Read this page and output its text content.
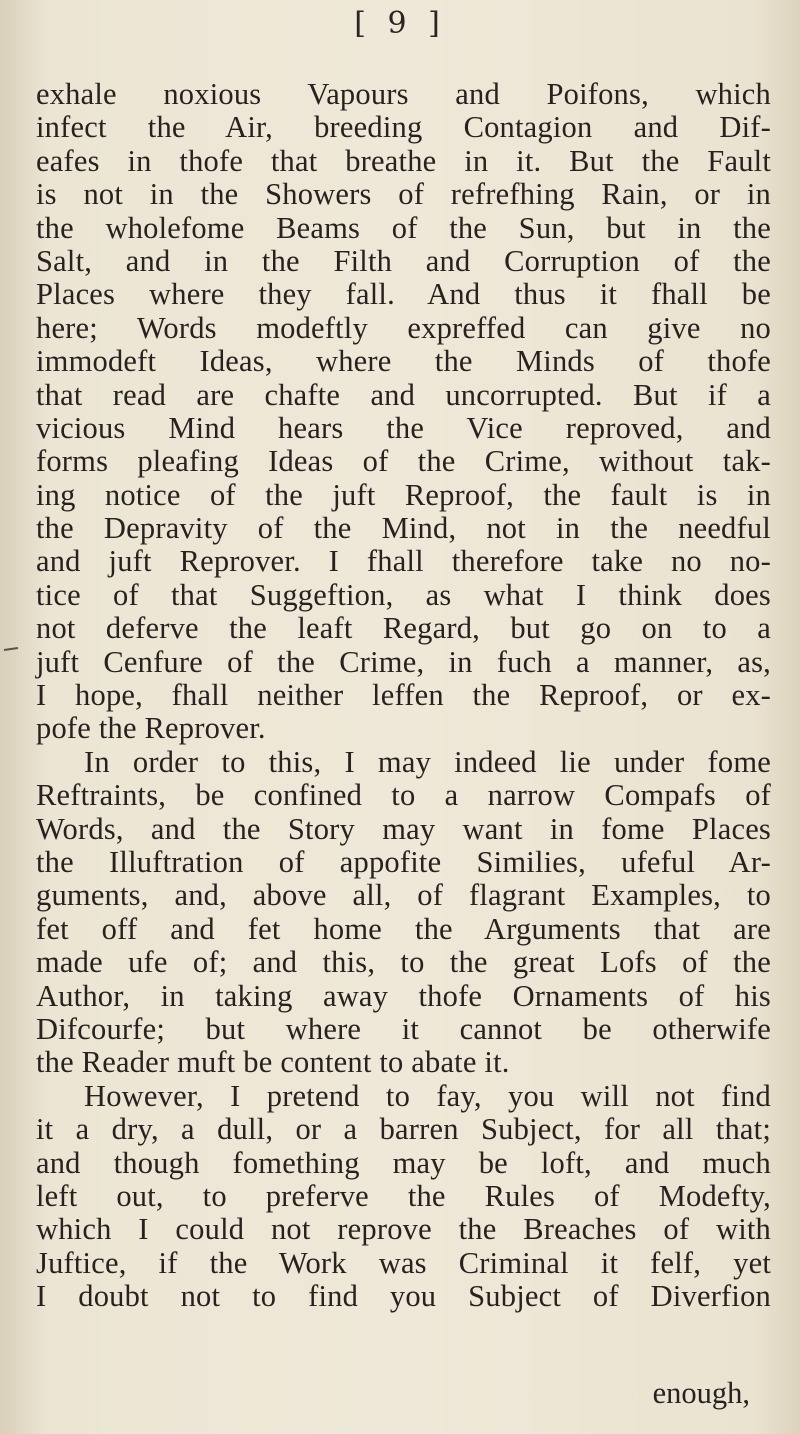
[ 9 ]
exhale noxious Vapours and Poifons, which
infect the Air, breeding Contagion and Dif-
eafes in thofe that breathe in it. But the Fault
is not in the Showers of refrefhing Rain, or in
the wholefome Beams of the Sun, but in the
Salt, and in the Filth and Corruption of the
Places where they fall. And thus it fhall be
here; Words modeftly expreffed can give no
immodeft Ideas, where the Minds of thofe
that read are chafte and uncorrupted. But if a
vicious Mind hears the Vice reproved, and
forms pleafing Ideas of the Crime, without tak-
ing notice of the juft Reproof, the fault is in
the Depravity of the Mind, not in the needful
and juft Reprover. I fhall therefore take no no-
tice of that Suggeftion, as what I think does
not deferve the leaft Regard, but go on to a
juft Cenfure of the Crime, in fuch a manner, as,
I hope, fhall neither leffen the Reproof, or ex-
pofe the Reprover.
In order to this, I may indeed lie under fome
Reftraints, be confined to a narrow Compafs of
Words, and the Story may want in fome Places
the Illuftration of appofite Similies, ufeful Ar-
guments, and, above all, of flagrant Examples, to
fet off and fet home the Arguments that are
made ufe of; and this, to the great Lofs of the
Author, in taking away thofe Ornaments of his
Difcourfe; but where it cannot be otherwife
the Reader muft be content to abate it.
However, I pretend to fay, you will not find
it a dry, a dull, or a barren Subject, for all that;
and though fomething may be loft, and much
left out, to preferve the Rules of Modefty,
which I could not reprove the Breaches of with
Juftice, if the Work was Criminal it felf, yet
I doubt not to find you Subject of Diverfion
enough,
